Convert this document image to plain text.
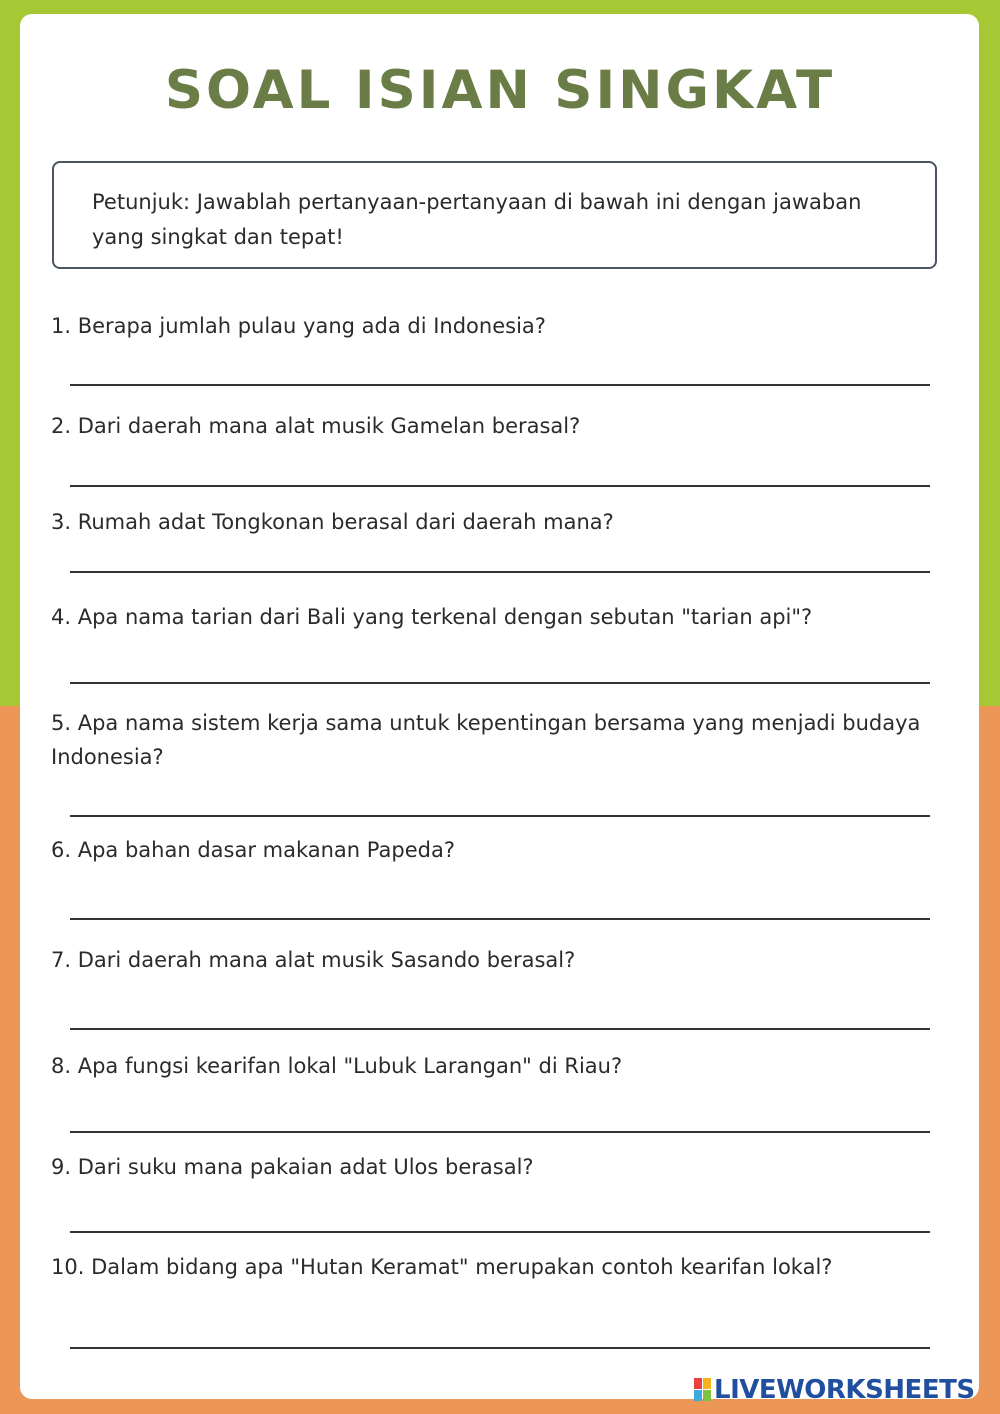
SOAL ISIAN SINGKAT
Petunjuk: Jawablah pertanyaan-pertanyaan di bawah ini dengan jawaban yang singkat dan tepat!
1. Berapa jumlah pulau yang ada di Indonesia?
2. Dari daerah mana alat musik Gamelan berasal?
3. Rumah adat Tongkonan berasal dari daerah mana?
4. Apa nama tarian dari Bali yang terkenal dengan sebutan "tarian api"?
5. Apa nama sistem kerja sama untuk kepentingan bersama yang menjadi budaya Indonesia?
6. Apa bahan dasar makanan Papeda?
7. Dari daerah mana alat musik Sasando berasal?
8. Apa fungsi kearifan lokal "Lubuk Larangan" di Riau?
9. Dari suku mana pakaian adat Ulos berasal?
10. Dalam bidang apa "Hutan Keramat" merupakan contoh kearifan lokal?
LIVEWORKSHEETS
